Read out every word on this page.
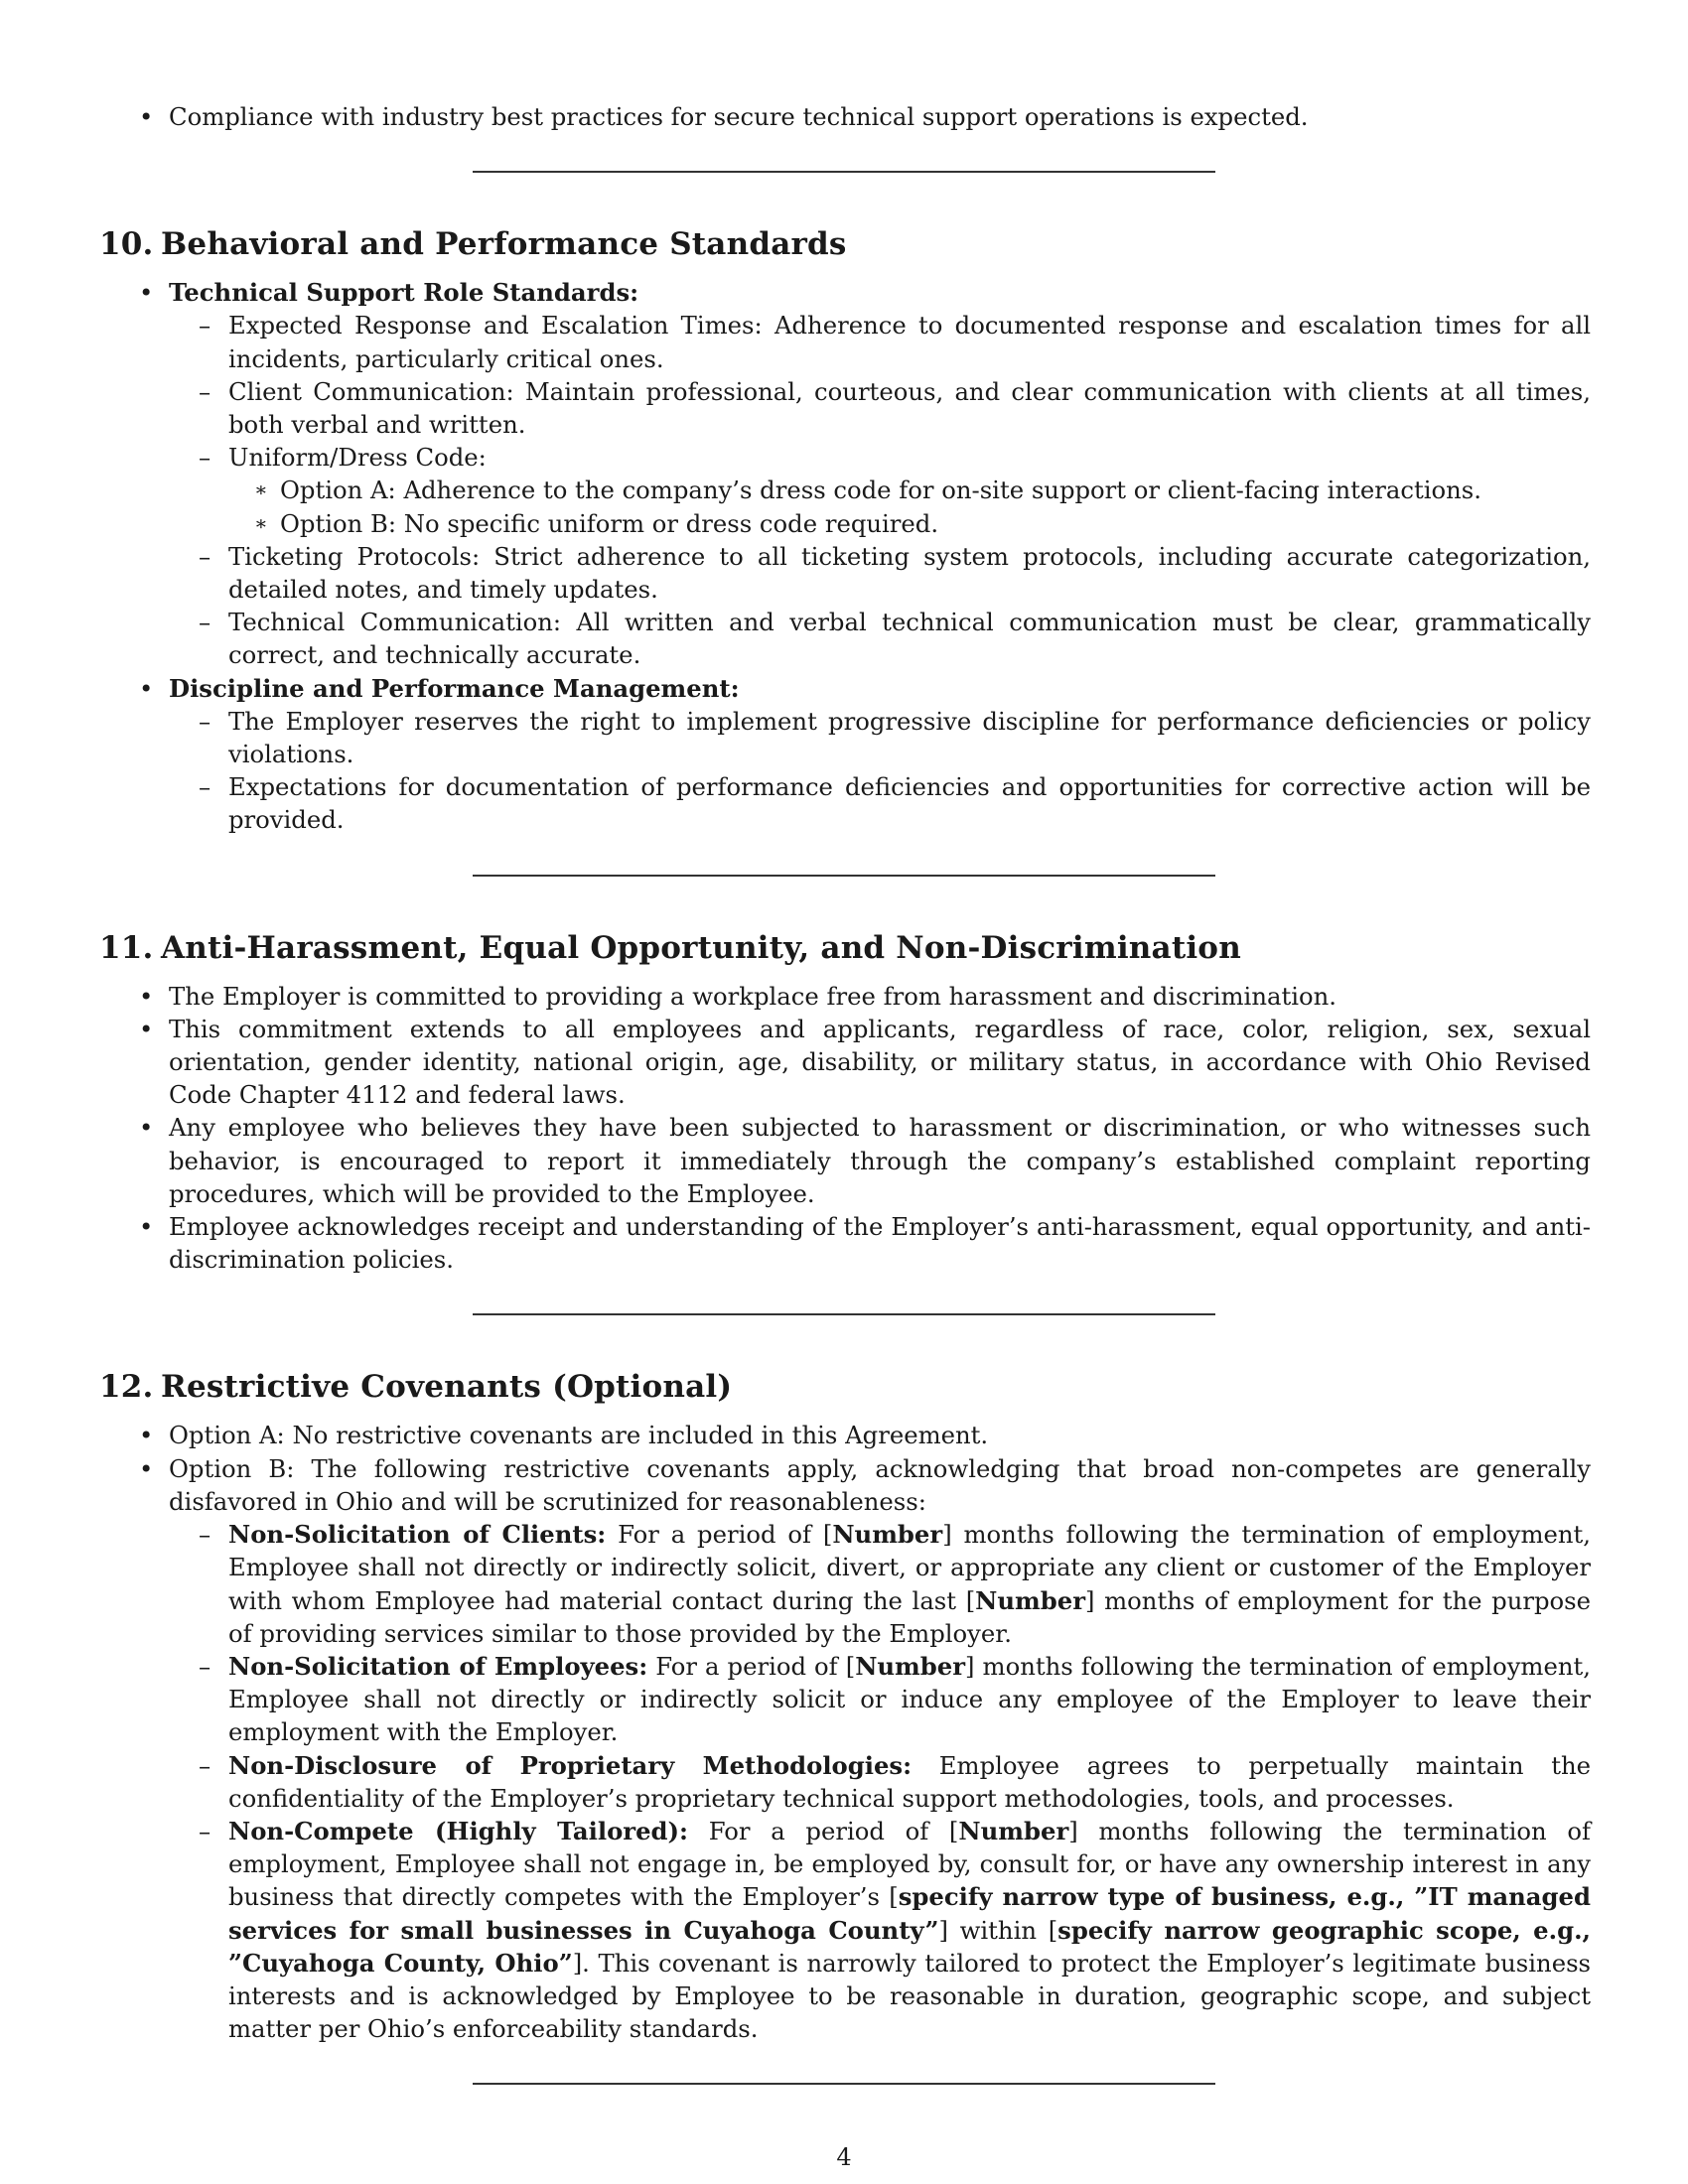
• Compliance with industry best practices for secure technical support operations is expected.
10. Behavioral and Performance Standards
• Technical Support Role Standards:
– Expected Response and Escalation Times: Adherence to documented response and escalation times for all incidents, particularly critical ones.
– Client Communication: Maintain professional, courteous, and clear communication with clients at all times, both verbal and written.
– Uniform/Dress Code:
∗ Option A: Adherence to the company’s dress code for on-site support or client-facing interactions.
∗ Option B: No specific uniform or dress code required.
– Ticketing Protocols: Strict adherence to all ticketing system protocols, including accurate categorization, detailed notes, and timely updates.
– Technical Communication: All written and verbal technical communication must be clear, grammatically correct, and technically accurate.
• Discipline and Performance Management:
– The Employer reserves the right to implement progressive discipline for performance deficiencies or policy violations.
– Expectations for documentation of performance deficiencies and opportunities for corrective action will be provided.
11. Anti-Harassment, Equal Opportunity, and Non-Discrimination
• The Employer is committed to providing a workplace free from harassment and discrimination.
• This commitment extends to all employees and applicants, regardless of race, color, religion, sex, sexual orientation, gender identity, national origin, age, disability, or military status, in accordance with Ohio Revised Code Chapter 4112 and federal laws.
• Any employee who believes they have been subjected to harassment or discrimination, or who witnesses such behavior, is encouraged to report it immediately through the company’s established complaint reporting procedures, which will be provided to the Employee.
• Employee acknowledges receipt and understanding of the Employer’s anti-harassment, equal opportunity, and anti-discrimination policies.
12. Restrictive Covenants (Optional)
• Option A: No restrictive covenants are included in this Agreement.
• Option B: The following restrictive covenants apply, acknowledging that broad non-competes are generally disfavored in Ohio and will be scrutinized for reasonableness:
– Non-Solicitation of Clients: For a period of [Number] months following the termination of employment, Employee shall not directly or indirectly solicit, divert, or appropriate any client or customer of the Employer with whom Employee had material contact during the last [Number] months of employment for the purpose of providing services similar to those provided by the Employer.
– Non-Solicitation of Employees: For a period of [Number] months following the termination of employment, Employee shall not directly or indirectly solicit or induce any employee of the Employer to leave their employment with the Employer.
– Non-Disclosure of Proprietary Methodologies: Employee agrees to perpetually maintain the confidentiality of the Employer’s proprietary technical support methodologies, tools, and processes.
– Non-Compete (Highly Tailored): For a period of [Number] months following the termination of employment, Employee shall not engage in, be employed by, consult for, or have any ownership interest in any business that directly competes with the Employer’s [specify narrow type of business, e.g., ”IT managed services for small businesses in Cuyahoga County”] within [specify narrow geographic scope, e.g., ”Cuyahoga County, Ohio”]. This covenant is narrowly tailored to protect the Employer’s legitimate business interests and is acknowledged by Employee to be reasonable in duration, geographic scope, and subject matter per Ohio’s enforceability standards.
4
